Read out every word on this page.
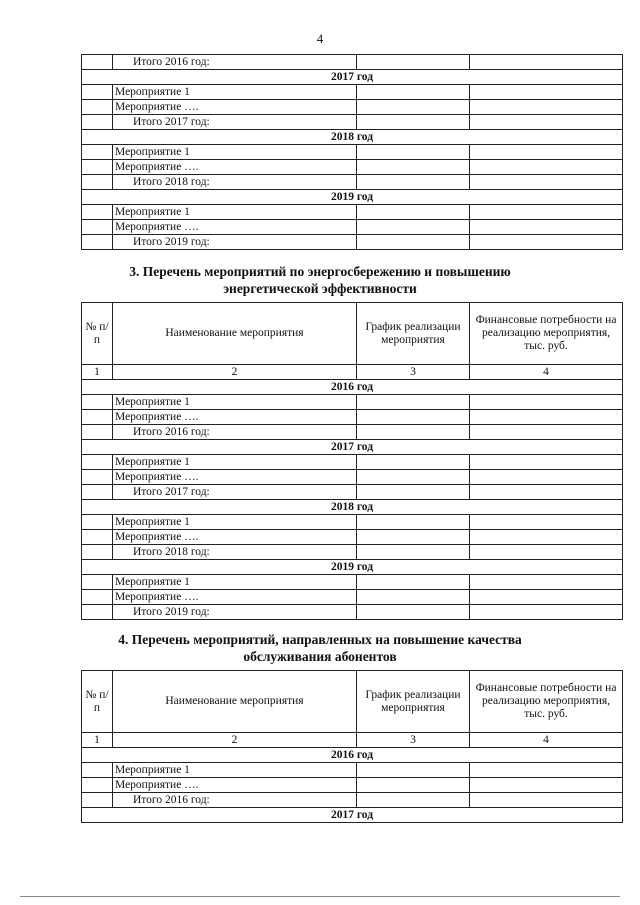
4
	Итого 2016 год:		
2017 год			
	Мероприятие 1		
	Мероприятие ….		
	Итого 2017 год:		
2018 год			
	Мероприятие 1		
	Мероприятие ….		
	Итого 2018 год:		
2019 год			
	Мероприятие 1		
	Мероприятие ….		
	Итого 2019 год:		
3. Перечень мероприятий по энергосбережению и повышению
энергетической эффективности
№ п/п	Наименование мероприятия	График реализации мероприятия	Финансовые потребности на реализацию мероприятия, тыс. руб.
1	2	3	4
2016 год			
	Мероприятие 1		
	Мероприятие ….		
	Итого 2016 год:		
2017 год			
	Мероприятие 1		
	Мероприятие ….		
	Итого 2017 год:		
2018 год			
	Мероприятие 1		
	Мероприятие ….		
	Итого 2018 год:		
2019 год			
	Мероприятие 1		
	Мероприятие ….		
	Итого 2019 год:		
4. Перечень мероприятий, направленных на повышение качества
обслуживания абонентов
№ п/п	Наименование мероприятия	График реализации мероприятия	Финансовые потребности на реализацию мероприятия, тыс. руб.
1	2	3	4
2016 год			
	Мероприятие 1		
	Мероприятие ….		
	Итого 2016 год:		
2017 год			
